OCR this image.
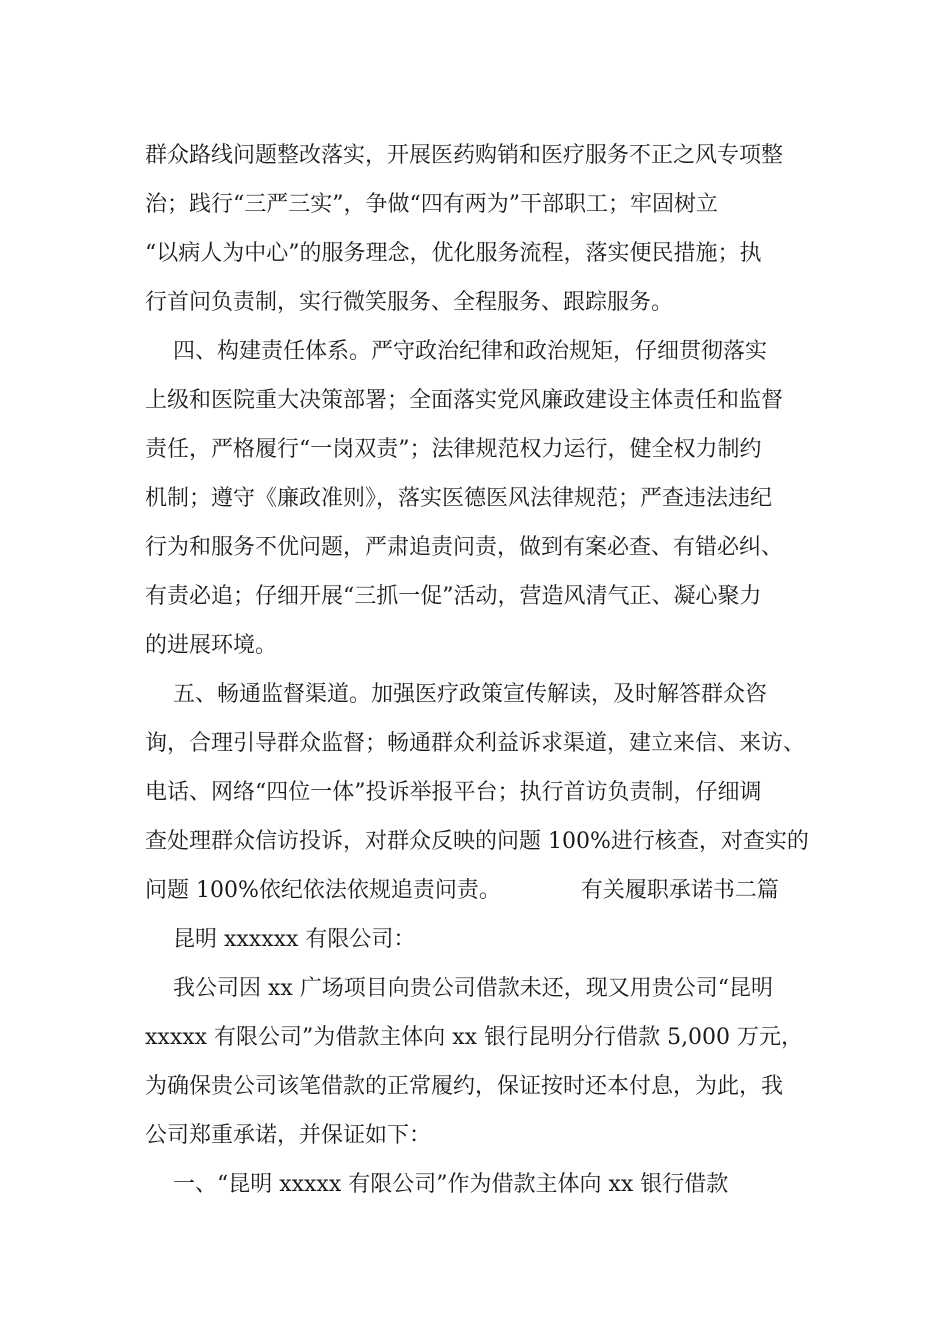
群众路线问题整改落实，开展医药购销和医疗服务不正之风专项整
治；践行“三严三实”，争做“四有两为”干部职工；牢固树立
“以病人为中心”的服务理念，优化服务流程，落实便民措施；执
行首问负责制，实行微笑服务、全程服务、跟踪服务。
四、构建责任体系。严守政治纪律和政治规矩，仔细贯彻落实
上级和医院重大决策部署；全面落实党风廉政建设主体责任和监督
责任，严格履行“一岗双责”；法律规范权力运行，健全权力制约
机制；遵守《廉政准则》，落实医德医风法律规范；严查违法违纪
行为和服务不优问题，严肃追责问责，做到有案必查、有错必纠、
有责必追；仔细开展“三抓一促”活动，营造风清气正、凝心聚力
的进展环境。
五、畅通监督渠道。加强医疗政策宣传解读，及时解答群众咨
询，合理引导群众监督；畅通群众利益诉求渠道，建立来信、来访、
电话、网络“四位一体”投诉举报平台；执行首访负责制，仔细调
查处理群众信访投诉，对群众反映的问题 100%进行核查，对查实的
问题 100%依纪依法依规追责问责。	有关履职承诺书二篇
昆明 xxxxxx 有限公司：
我公司因 xx 广场项目向贵公司借款未还，现又用贵公司“昆明
xxxxx 有限公司”为借款主体向 xx 银行昆明分行借款 5,000 万元，
为确保贵公司该笔借款的正常履约，保证按时还本付息，为此，我
公司郑重承诺，并保证如下：
一、“昆明 xxxxx 有限公司”作为借款主体向 xx 银行借款
